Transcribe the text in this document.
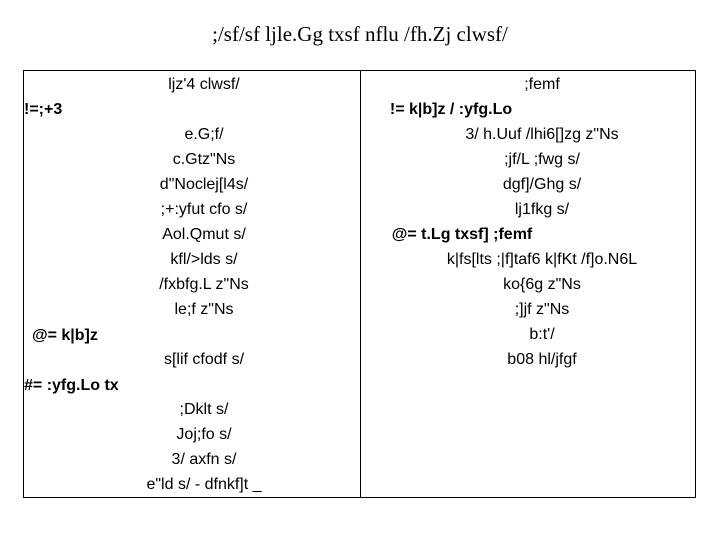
;/sf/sf ljle.Gg txsf nflu /fh.Zj clwsf/
ljz'4 clwsf/
!=;+3
e.G;f/
c.Gtz"Ns
d"Noclej[l4s/
;+:yfut cfo s/
Aol.Qmut s/
kfl/>lds s/
/fxbfg.L z"Ns
le;f z"Ns
@= k|b]z
s[lif cfodf s/
#= :yfg.Lo tx
;Dklt s/
Joj;fo s/
3/ axfn s/
e"ld s/ - dfnkf]t _
;femf
!= k|b]z / :yfg.Lo
3/ h.Uuf /lhi6[]zg z"Ns
;jf/L ;fwg s/
dgf]/Ghg s/
lj1fkg s/
@= t.Lg txsf] ;femf
k|fs[lts ;|f]taf6 k|fKt /f]o.N6L
ko{6g z"Ns
;]jf z"Ns
b:t'/
b08 hl/jfgf
